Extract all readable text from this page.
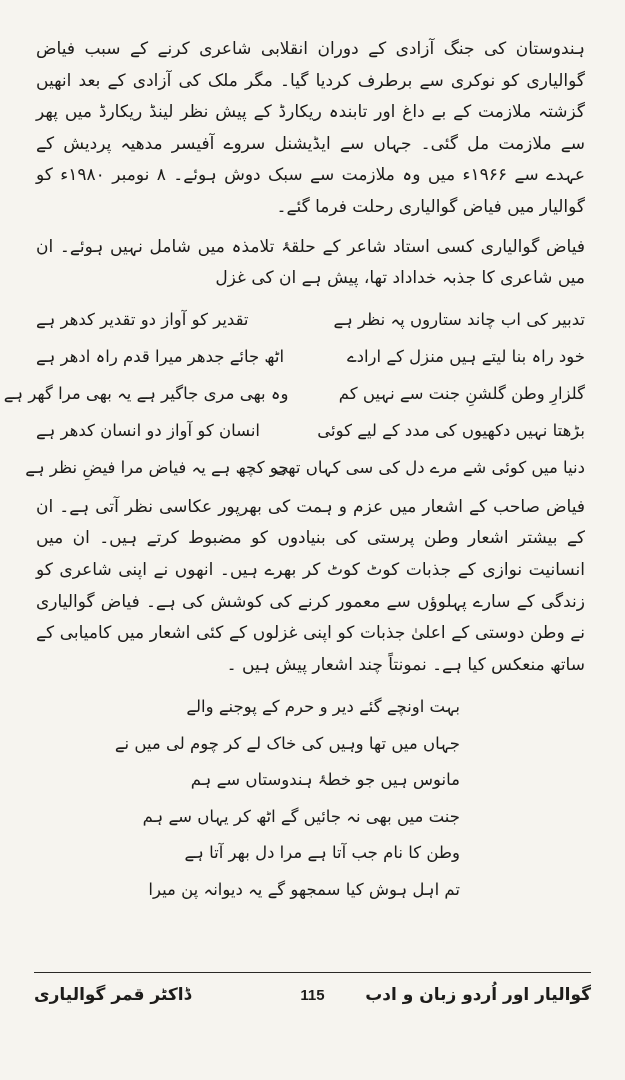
ہندوستان کی جنگ آزادی کے دوران انقلابی شاعری کرنے کے سبب فیاض گوالیاری کو نوکری سے برطرف کردیا گیا۔ مگر ملک کی آزادی کے بعد انھیں گزشتہ ملازمت کے بے داغ اور تابندہ ریکارڈ کے پیش نظر لینڈ ریکارڈ میں پھر سے ملازمت مل گئی۔ جہاں سے ایڈیشنل سروے آفیسر مدھیہ پردیش کے عہدے سے ۱۹۶۶ء میں وہ ملازمت سے سبک دوش ہوئے۔ ۸ نومبر ۱۹۸۰ء کو گوالیار میں فیاض گوالیاری رحلت فرما گئے۔

فیاض گوالیاری کسی استاد شاعر کے حلقۂ تلامذہ میں شامل نہیں ہوئے۔ ان میں شاعری کا جذبہ خداداد تھا، پیش ہے ان کی غزل

تدبیر کی اب چاند ستاروں پہ نظر ہے
تقدیر کو آواز دو تقدیر کدھر ہے
خود راہ بنا لیتے ہیں منزل کے ارادے
اٹھ جائے جدھر میرا قدم راہ ادھر ہے
گلزارِ وطن گلشنِ جنت سے نہیں کم
وہ بھی مری جاگیر ہے یہ بھی مرا گھر ہے
بڑھتا نہیں دکھیوں کی مدد کے لیے کوئی
انسان کو آواز دو انسان کدھر ہے
دنیا میں کوئی شے مرے دل کی سی کہاں تھی
جو کچھ ہے یہ فیاض مرا فیضِ نظر ہے

فیاض صاحب کے اشعار میں عزم و ہمت کی بھرپور عکاسی نظر آتی ہے۔ ان کے بیشتر اشعار وطن پرستی کی بنیادوں کو مضبوط کرتے ہیں۔ ان میں انسانیت نوازی کے جذبات کوٹ کوٹ کر بھرے ہیں۔ انھوں نے اپنی شاعری کو زندگی کے سارے پہلوؤں سے معمور کرنے کی کوشش کی ہے۔ فیاض گوالیاری نے وطن دوستی کے اعلیٰ جذبات کو اپنی غزلوں کے کئی اشعار میں کامیابی کے ساتھ منعکس کیا ہے۔ نمونتاً چند اشعار پیش ہیں ۔

بہت اونچے گئے دیر و حرم کے پوجنے والے
جہاں میں تھا وہیں کی خاک لے کر چوم لی میں نے
مانوس ہیں جو خطۂ ہندوستاں سے ہم
جنت میں بھی نہ جائیں گے اٹھ کر یہاں سے ہم
وطن کا نام جب آتا ہے مرا دل بھر آتا ہے
تم اہل ہوش کیا سمجھو گے یہ دیوانہ پن میرا
گوالیار اور اُردو زبان و ادب
115
ڈاکٹر قمر گوالیاری
